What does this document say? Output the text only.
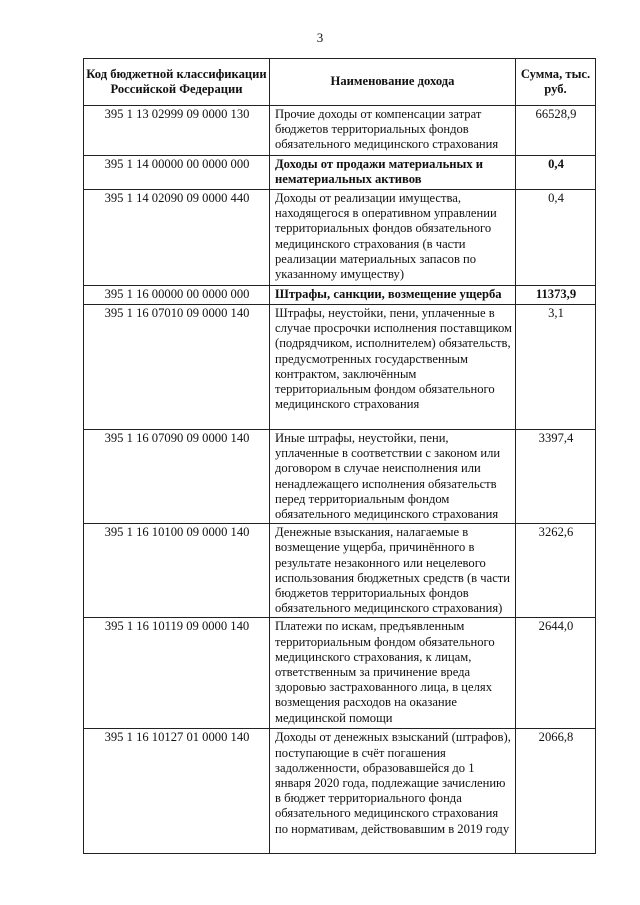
3
Код бюджетной классификации Российской Федерации	Наименование дохода	Сумма, тыс. руб.
395 1 13 02999 09 0000 130	Прочие доходы от компенсации затрат бюджетов территориальных фондов обязательного медицинского страхования	66528,9
395 1 14 00000 00 0000 000	Доходы от продажи материальных и нематериальных активов	0,4
395 1 14 02090 09 0000 440	Доходы от реализации имущества, находящегося в оперативном управлении территориальных фондов обязательного медицинского страхования (в части реализации материальных запасов по указанному имуществу)	0,4
395 1 16 00000 00 0000 000	Штрафы, санкции, возмещение ущерба	11373,9
395 1 16 07010 09 0000 140	Штрафы, неустойки, пени, уплаченные в случае просрочки исполнения поставщиком (подрядчиком, исполнителем) обязательств, предусмотренных государственным контрактом, заключённым территориальным фондом обязательного медицинского страхования	3,1
395 1 16 07090 09 0000 140	Иные штрафы, неустойки, пени, уплаченные в соответствии с законом или договором в случае неисполнения или ненадлежащего исполнения обязательств перед территориальным фондом обязательного медицинского страхования	3397,4
395 1 16 10100 09 0000 140	Денежные взыскания, налагаемые в возмещение ущерба, причинённого в результате незаконного или нецелевого использования бюджетных средств (в части бюджетов территориальных фондов обязательного медицинского страхования)	3262,6
395 1 16 10119 09 0000 140	Платежи по искам, предъявленным территориальным фондом обязательного медицинского страхования, к лицам, ответственным за причинение вреда здоровью застрахованного лица, в целях возмещения расходов на оказание медицинской помощи	2644,0
395 1 16 10127 01 0000 140	Доходы от денежных взысканий (штрафов), поступающие в счёт погашения задолженности, образовавшейся до 1 января 2020 года, подлежащие зачислению в бюджет территориального фонда обязательного медицинского страхования по нормативам, действовавшим в 2019 году	2066,8
